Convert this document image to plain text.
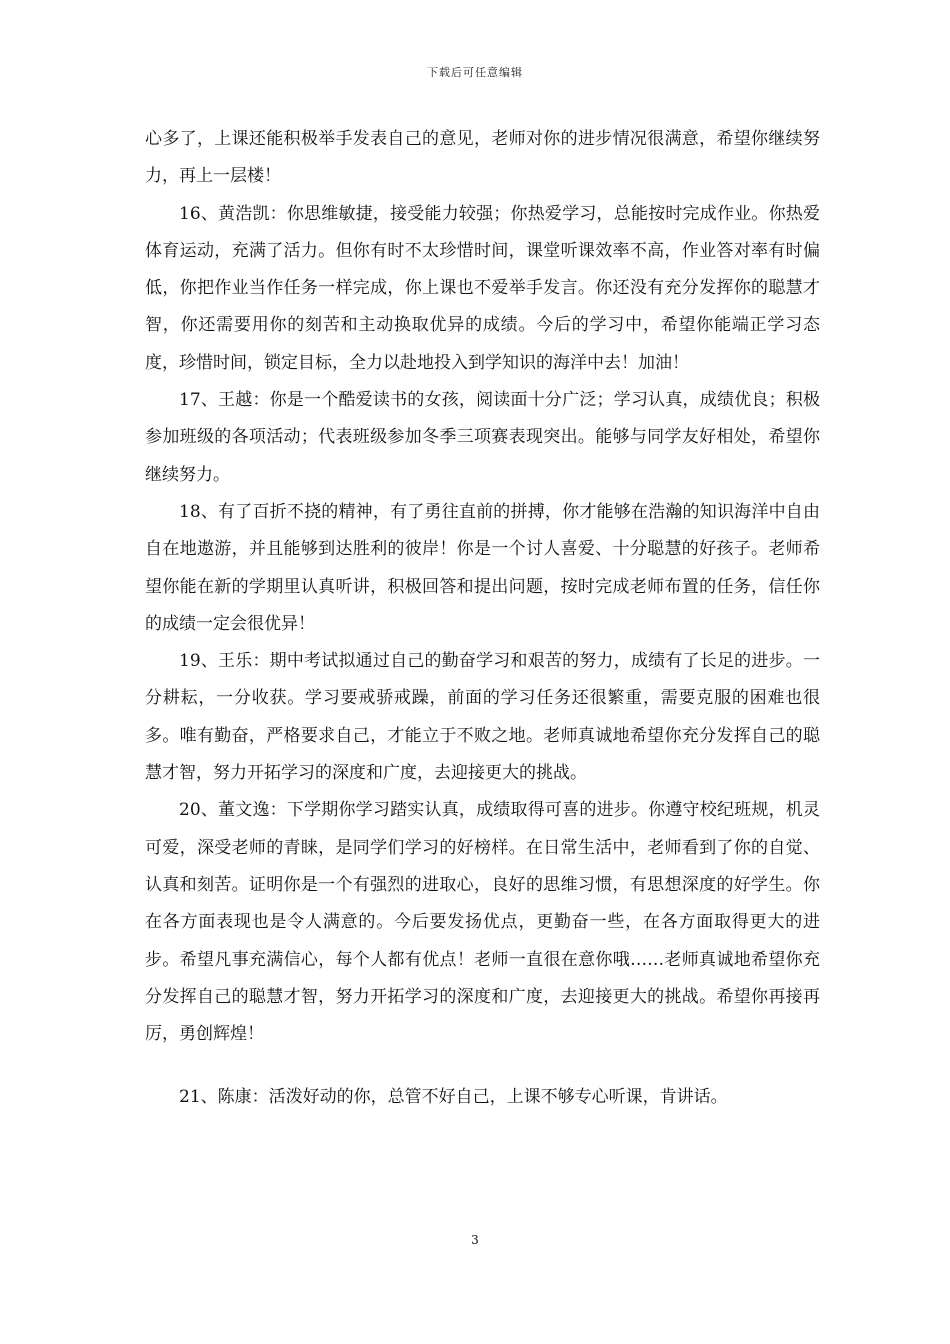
下载后可任意编辑

心多了，上课还能积极举手发表自己的意见，老师对你的进步情况很满意，希望你继续努力，再上一层楼！

16、黄浩凯：你思维敏捷，接受能力较强；你热爱学习，总能按时完成作业。你热爱体育运动，充满了活力。但你有时不太珍惜时间，课堂听课效率不高，作业答对率有时偏低，你把作业当作任务一样完成，你上课也不爱举手发言。你还没有充分发挥你的聪慧才智，你还需要用你的刻苦和主动换取优异的成绩。今后的学习中，希望你能端正学习态度，珍惜时间，锁定目标，全力以赴地投入到学知识的海洋中去！加油！

17、王越：你是一个酷爱读书的女孩，阅读面十分广泛；学习认真，成绩优良；积极参加班级的各项活动；代表班级参加冬季三项赛表现突出。能够与同学友好相处，希望你继续努力。

18、有了百折不挠的精神，有了勇往直前的拼搏，你才能够在浩瀚的知识海洋中自由自在地遨游，并且能够到达胜利的彼岸！你是一个讨人喜爱、十分聪慧的好孩子。老师希望你能在新的学期里认真听讲，积极回答和提出问题，按时完成老师布置的任务，信任你的成绩一定会很优异！

19、王乐：期中考试拟通过自己的勤奋学习和艰苦的努力，成绩有了长足的进步。一分耕耘，一分收获。学习要戒骄戒躁，前面的学习任务还很繁重，需要克服的困难也很多。唯有勤奋，严格要求自己，才能立于不败之地。老师真诚地希望你充分发挥自己的聪慧才智，努力开拓学习的深度和广度，去迎接更大的挑战。

20、董文逸：下学期你学习踏实认真，成绩取得可喜的进步。你遵守校纪班规，机灵可爱，深受老师的青睐，是同学们学习的好榜样。在日常生活中，老师看到了你的自觉、认真和刻苦。证明你是一个有强烈的进取心，良好的思维习惯，有思想深度的好学生。你在各方面表现也是令人满意的。今后要发扬优点，更勤奋一些，在各方面取得更大的进步。希望凡事充满信心，每个人都有优点！老师一直很在意你哦……老师真诚地希望你充分发挥自己的聪慧才智，努力开拓学习的深度和广度，去迎接更大的挑战。希望你再接再厉，勇创辉煌！

21、陈康：活泼好动的你，总管不好自己，上课不够专心听课，肯讲话。

3
